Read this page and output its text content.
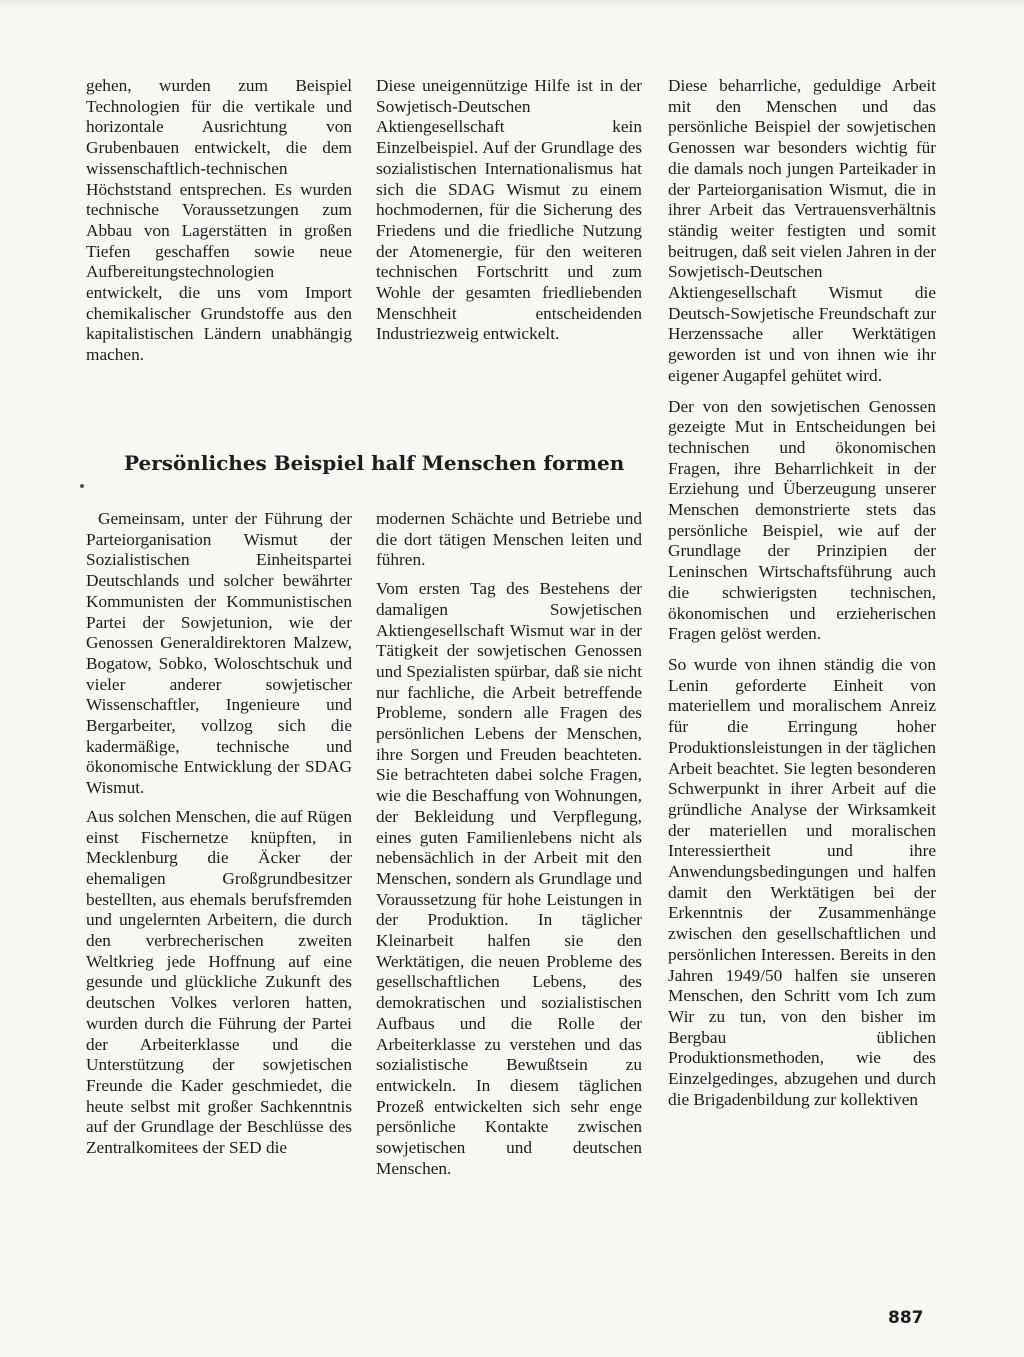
gehen, wurden zum Beispiel Technologien für die vertikale und horizontale Ausrichtung von Grubenbauen entwickelt, die dem wissenschaftlich-technischen Höchststand entsprechen. Es wurden technische Voraussetzungen zum Abbau von Lagerstätten in großen Tiefen geschaffen sowie neue Aufbereitungstechnologien entwickelt, die uns vom Import chemikalischer Grundstoffe aus den kapitalistischen Ländern unabhängig machen.

Diese uneigennützige Hilfe ist in der Sowjetisch-Deutschen Aktiengesellschaft kein Einzelbeispiel. Auf der Grundlage des sozialistischen Internationalismus hat sich die SDAG Wismut zu einem hochmodernen, für die Sicherung des Friedens und die friedliche Nutzung der Atomenergie, für den weiteren technischen Fortschritt und zum Wohle der gesamten friedliebenden Menschheit entscheidenden Industriezweig entwickelt.

Persönliches Beispiel half Menschen formen

Gemeinsam, unter der Führung der Parteiorganisation Wismut der Sozialistischen Einheitspartei Deutschlands und solcher bewährter Kommunisten der Kommunistischen Partei der Sowjetunion, wie der Genossen Generaldirektoren Malzew, Bogatow, Sobko, Woloschtschuk und vieler anderer sowjetischer Wissenschaftler, Ingenieure und Bergarbeiter, vollzog sich die kadermäßige, technische und ökonomische Entwicklung der SDAG Wismut.

Aus solchen Menschen, die auf Rügen einst Fischernetze knüpften, in Mecklenburg die Äcker der ehemaligen Großgrundbesitzer bestellten, aus ehemals berufsfremden und ungelernten Arbeitern, die durch den verbrecherischen zweiten Weltkrieg jede Hoffnung auf eine gesunde und glückliche Zukunft des deutschen Volkes verloren hatten, wurden durch die Führung der Partei der Arbeiterklasse und die Unterstützung der sowjetischen Freunde die Kader geschmiedet, die heute selbst mit großer Sachkenntnis auf der Grundlage der Beschlüsse des Zentralkomitees der SED die

modernen Schächte und Betriebe und die dort tätigen Menschen leiten und führen.

Vom ersten Tag des Bestehens der damaligen Sowjetischen Aktiengesellschaft Wismut war in der Tätigkeit der sowjetischen Genossen und Spezialisten spürbar, daß sie nicht nur fachliche, die Arbeit betreffende Probleme, sondern alle Fragen des persönlichen Lebens der Menschen, ihre Sorgen und Freuden beachteten. Sie betrachteten dabei solche Fragen, wie die Beschaffung von Wohnungen, der Bekleidung und Verpflegung, eines guten Familienlebens nicht als nebensächlich in der Arbeit mit den Menschen, sondern als Grundlage und Voraussetzung für hohe Leistungen in der Produktion. In täglicher Kleinarbeit halfen sie den Werktätigen, die neuen Probleme des gesellschaftlichen Lebens, des demokratischen und sozialistischen Aufbaus und die Rolle der Arbeiterklasse zu verstehen und das sozialistische Bewußtsein zu entwickeln. In diesem täglichen Prozeß entwickelten sich sehr enge persönliche Kontakte zwischen sowjetischen und deutschen Menschen.

Diese beharrliche, geduldige Arbeit mit den Menschen und das persönliche Beispiel der sowjetischen Genossen war besonders wichtig für die damals noch jungen Parteikader in der Parteiorganisation Wismut, die in ihrer Arbeit das Vertrauensverhältnis ständig weiter festigten und somit beitrugen, daß seit vielen Jahren in der Sowjetisch-Deutschen Aktiengesellschaft Wismut die Deutsch-Sowjetische Freundschaft zur Herzenssache aller Werktätigen geworden ist und von ihnen wie ihr eigener Augapfel gehütet wird.

Der von den sowjetischen Genossen gezeigte Mut in Entscheidungen bei technischen und ökonomischen Fragen, ihre Beharrlichkeit in der Erziehung und Überzeugung unserer Menschen demonstrierte stets das persönliche Beispiel, wie auf der Grundlage der Prinzipien der Leninschen Wirtschaftsführung auch die schwierigsten technischen, ökonomischen und erzieherischen Fragen gelöst werden.

So wurde von ihnen ständig die von Lenin geforderte Einheit von materiellem und moralischem Anreiz für die Erringung hoher Produktionsleistungen in der täglichen Arbeit beachtet. Sie legten besonderen Schwerpunkt in ihrer Arbeit auf die gründliche Analyse der Wirksamkeit der materiellen und moralischen Interessiertheit und ihre Anwendungsbedingungen und halfen damit den Werktätigen bei der Erkenntnis der Zusammenhänge zwischen den gesellschaftlichen und persönlichen Interessen. Bereits in den Jahren 1949/50 halfen sie unseren Menschen, den Schritt vom Ich zum Wir zu tun, von den bisher im Bergbau üblichen Produktionsmethoden, wie des Einzelgedinges, abzugehen und durch die Brigadenbildung zur kollektiven

887
